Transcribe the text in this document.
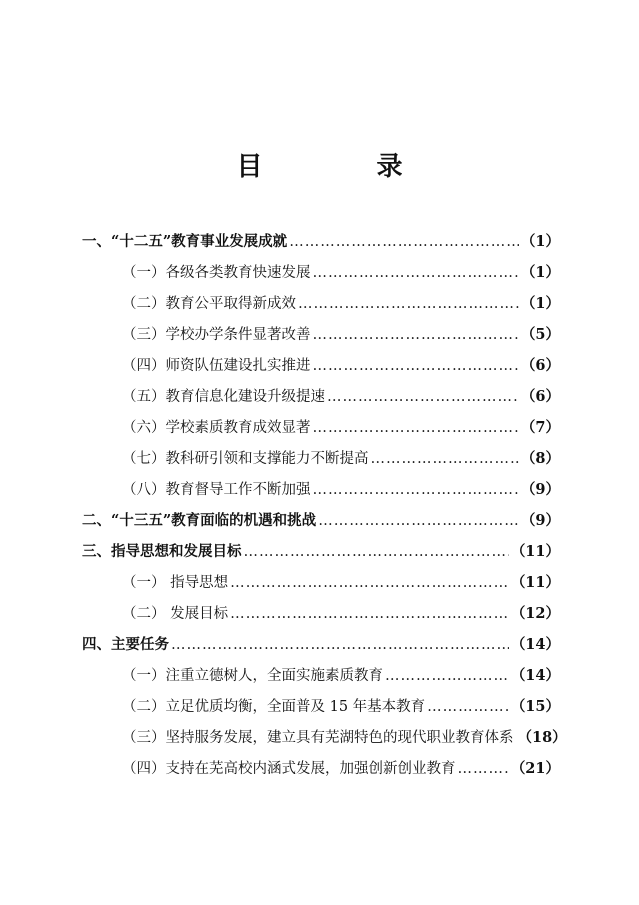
目　录
一、“十二五”教育事业发展成就 ………………………………………………………………………………………………………………………………………………………………………………………………………	（1）
（一）各级各类教育快速发展 ………………………………………………………………………………………………………………………………………………………………………………………………………	（1）
（二）教育公平取得新成效 ………………………………………………………………………………………………………………………………………………………………………………………………………	（1）
（三）学校办学条件显著改善 ………………………………………………………………………………………………………………………………………………………………………………………………………	（5）
（四）师资队伍建设扎实推进 ………………………………………………………………………………………………………………………………………………………………………………………………………	（6）
（五）教育信息化建设升级提速 ………………………………………………………………………………………………………………………………………………………………………………………………………	（6）
（六）学校素质教育成效显著 ………………………………………………………………………………………………………………………………………………………………………………………………………	（7）
（七）教科研引领和支撑能力不断提高 ………………………………………………………………………………………………………………………………………………………………………………………………………	（8）
（八）教育督导工作不断加强 ………………………………………………………………………………………………………………………………………………………………………………………………………	（9）
二、“十三五”教育面临的机遇和挑战 ………………………………………………………………………………………………………………………………………………………………………………………………………	（9）
三、指导思想和发展目标 ………………………………………………………………………………………………………………………………………………………………………………………………………	（11）
（一） 指导思想 ………………………………………………………………………………………………………………………………………………………………………………………………………	（11）
（二） 发展目标 ………………………………………………………………………………………………………………………………………………………………………………………………………	（12）
四、主要任务 ………………………………………………………………………………………………………………………………………………………………………………………………………	（14）
（一）注重立德树人，全面实施素质教育 ………………………………………………………………………………………………………………………………………………………………………………………………………	（14）
（二）立足优质均衡，全面普及 15 年基本教育 ………………………………………………………………………………………………………………………………………………………………………………………………………	（15）
（三）坚持服务发展，建立具有芜湖特色的现代职业教育体系 （18）
（四）支持在芜高校内涵式发展，加强创新创业教育 ………………………………………………………………………………………………………………………………………………………………………………………………………	（21）
